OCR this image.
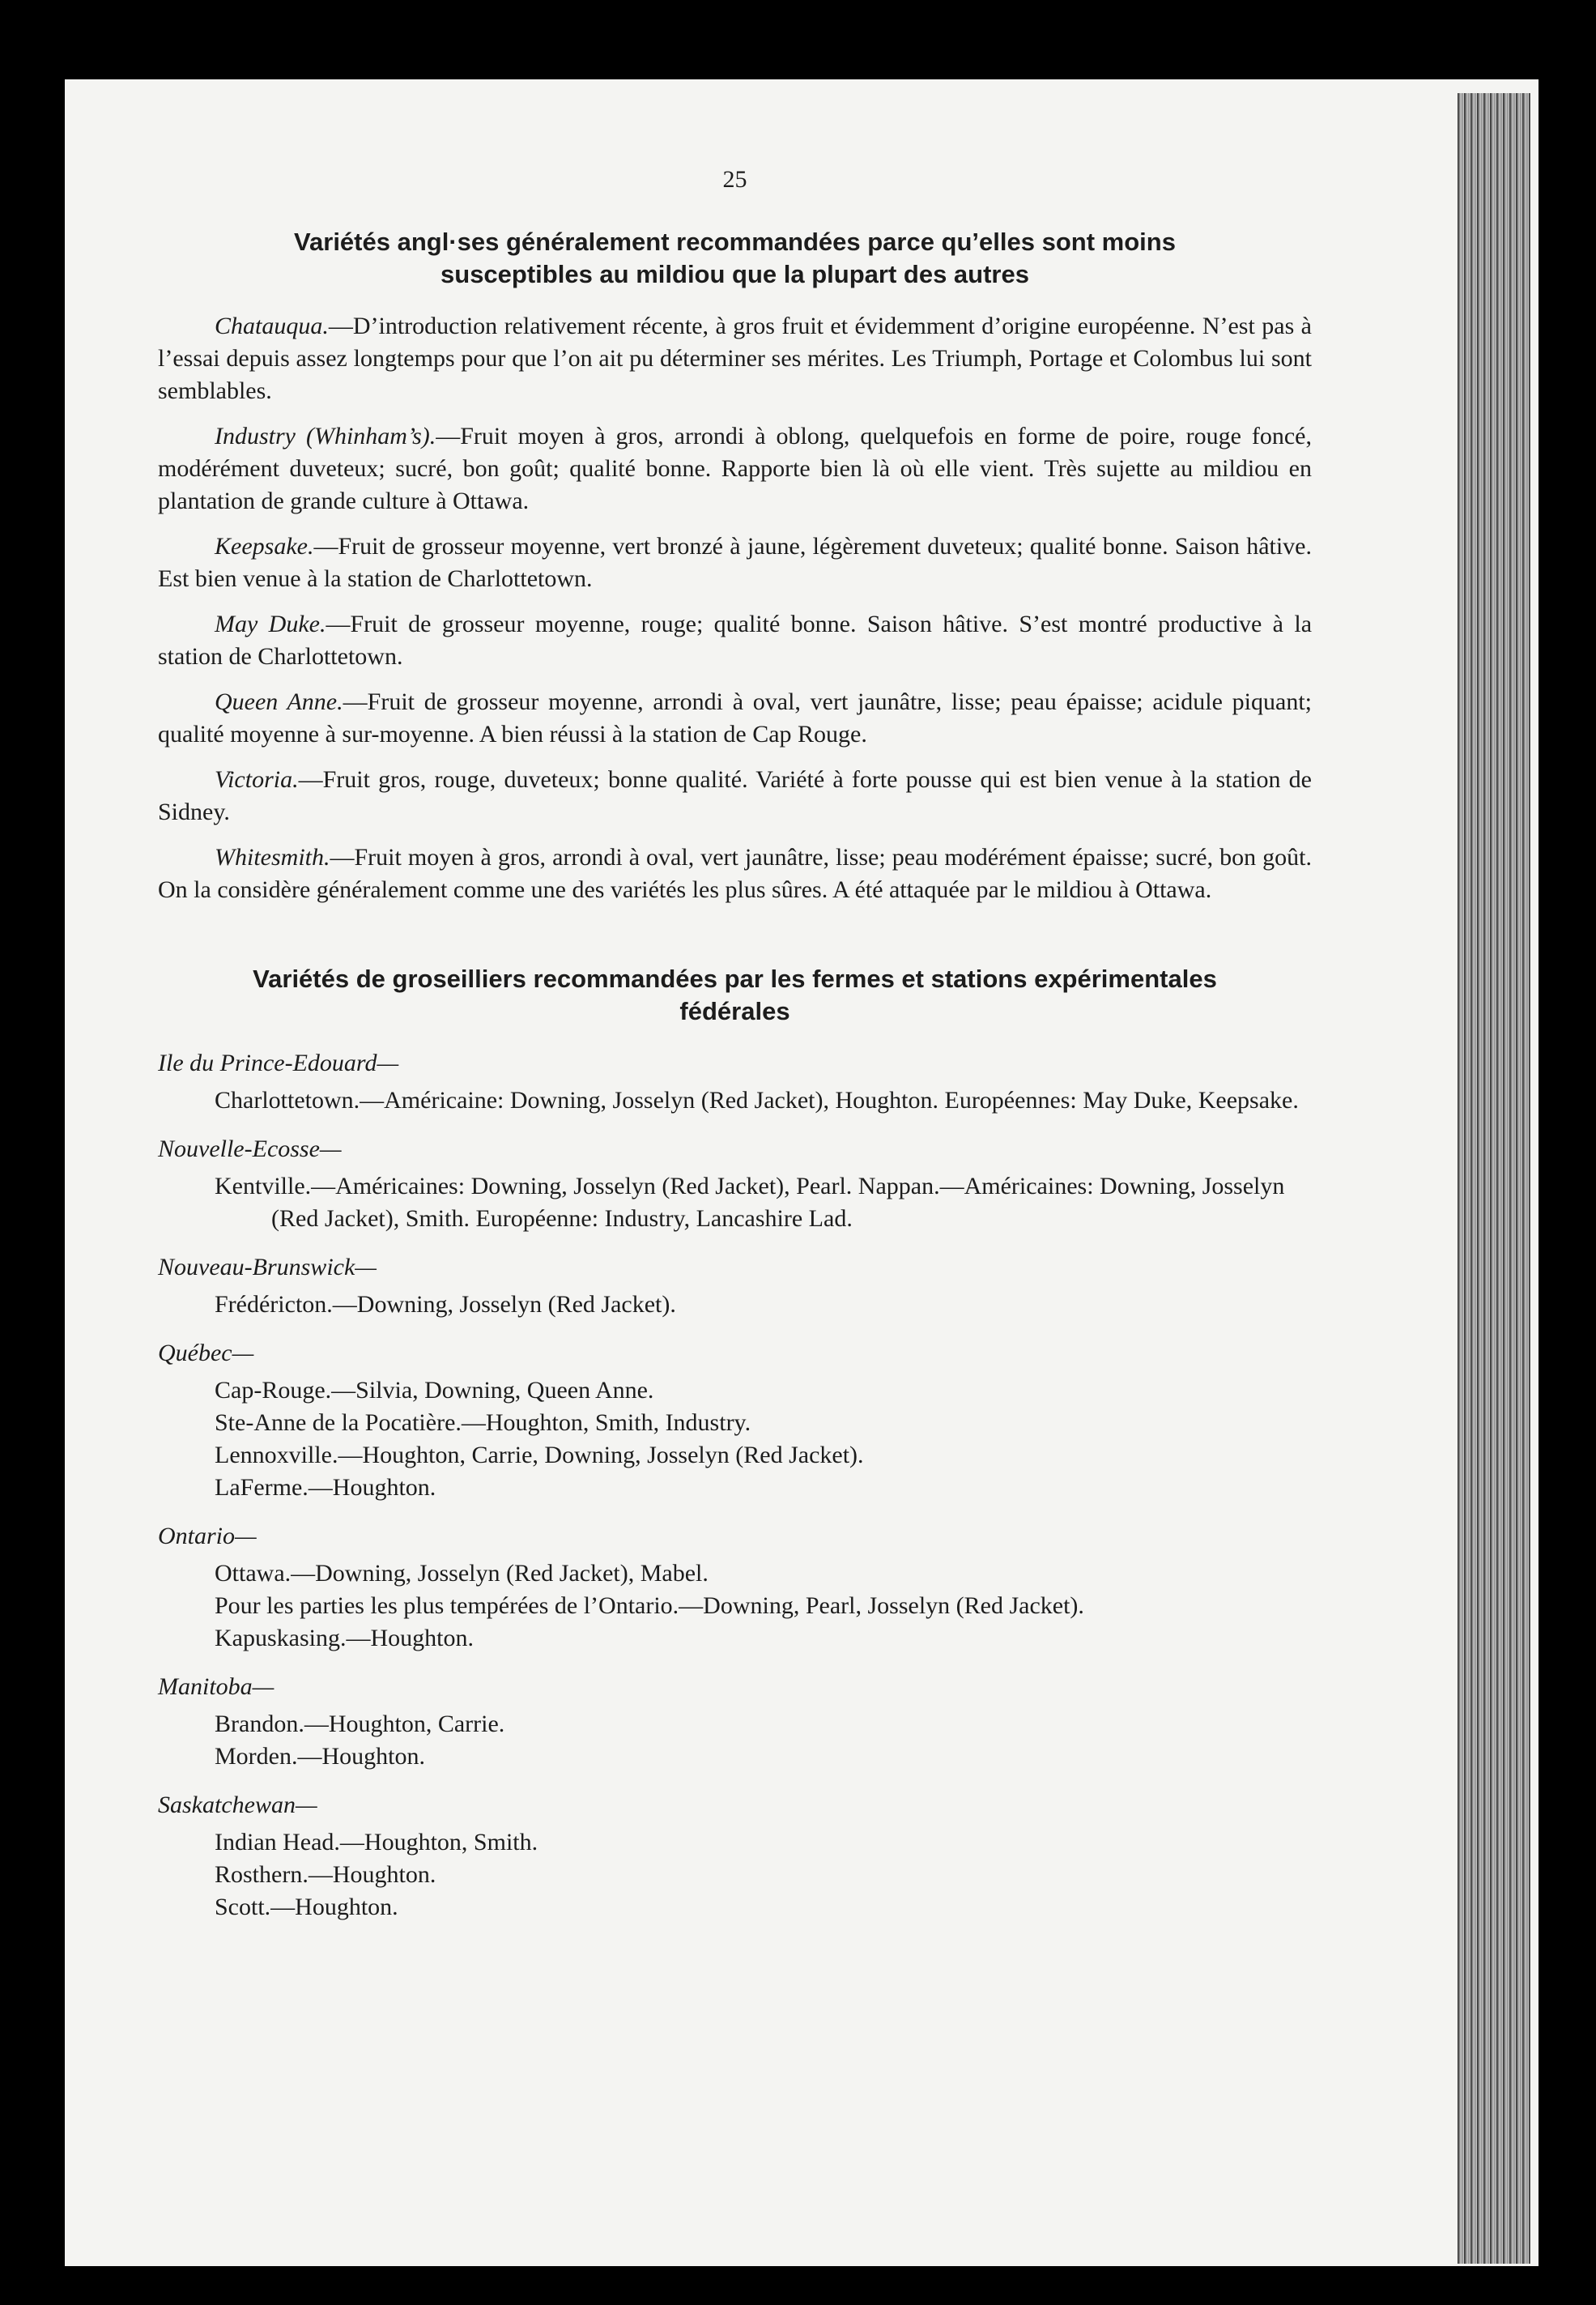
25
Variétés angl·ses généralement recommandées parce qu’elles sont moins
susceptibles au mildiou que la plupart des autres

Chatauqua.—D’introduction relativement récente, à gros fruit et évidemment d’origine européenne. N’est pas à l’essai depuis assez longtemps pour que l’on ait pu déterminer ses mérites. Les Triumph, Portage et Colombus lui sont semblables.

Industry (Whinham’s).—Fruit moyen à gros, arrondi à oblong, quelquefois en forme de poire, rouge foncé, modérément duveteux; sucré, bon goût; qualité bonne. Rapporte bien là où elle vient. Très sujette au mildiou en plantation de grande culture à Ottawa.

Keepsake.—Fruit de grosseur moyenne, vert bronzé à jaune, légèrement duveteux; qualité bonne. Saison hâtive. Est bien venue à la station de Charlottetown.

May Duke.—Fruit de grosseur moyenne, rouge; qualité bonne. Saison hâtive. S’est montré productive à la station de Charlottetown.

Queen Anne.—Fruit de grosseur moyenne, arrondi à oval, vert jaunâtre, lisse; peau épaisse; acidule piquant; qualité moyenne à sur-moyenne. A bien réussi à la station de Cap Rouge.

Victoria.—Fruit gros, rouge, duveteux; bonne qualité. Variété à forte pousse qui est bien venue à la station de Sidney.

Whitesmith.—Fruit moyen à gros, arrondi à oval, vert jaunâtre, lisse; peau modérément épaisse; sucré, bon goût. On la considère généralement comme une des variétés les plus sûres. A été attaquée par le mildiou à Ottawa.

Variétés de groseilliers recommandées par les fermes et stations expérimentales
fédérales
Ile du Prince-Edouard—

Charlottetown.—Américaine: Downing, Josselyn (Red Jacket), Houghton. Européennes: May Duke, Keepsake.

Nouvelle-Ecosse—

Kentville.—Américaines: Downing, Josselyn (Red Jacket), Pearl. Nappan.—Américaines: Downing, Josselyn (Red Jacket), Smith. Européenne: Industry, Lancashire Lad.

Nouveau-Brunswick—

Frédéricton.—Downing, Josselyn (Red Jacket).

Québec—

Cap-Rouge.—Silvia, Downing, Queen Anne.

Ste-Anne de la Pocatière.—Houghton, Smith, Industry.

Lennoxville.—Houghton, Carrie, Downing, Josselyn (Red Jacket).

LaFerme.—Houghton.

Ontario—

Ottawa.—Downing, Josselyn (Red Jacket), Mabel.

Pour les parties les plus tempérées de l’Ontario.—Downing, Pearl, Josselyn (Red Jacket).

Kapuskasing.—Houghton.

Manitoba—

Brandon.—Houghton, Carrie.

Morden.—Houghton.

Saskatchewan—

Indian Head.—Houghton, Smith.

Rosthern.—Houghton.

Scott.—Houghton.
